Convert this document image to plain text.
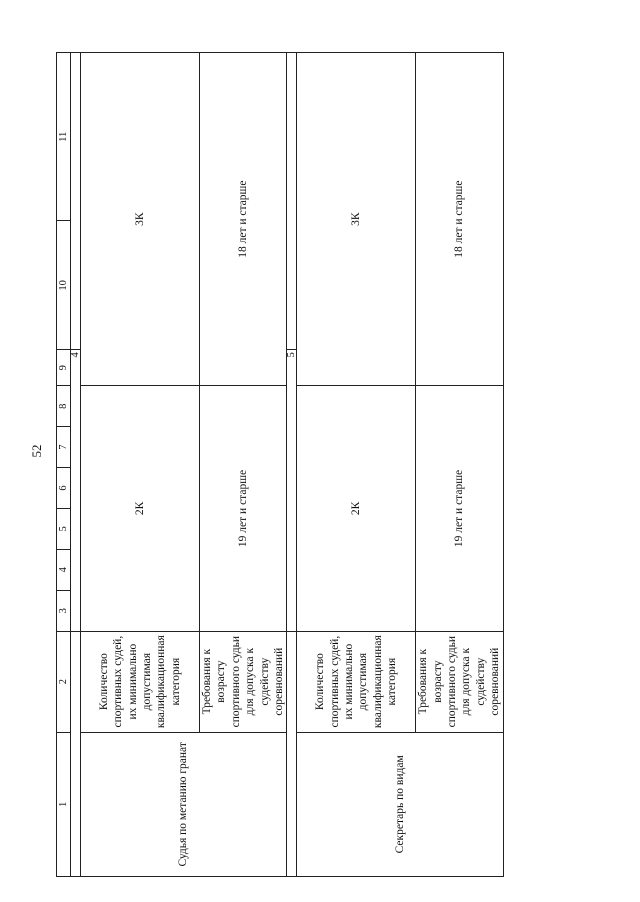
52
1	2	3	4	5	6	7	8	9	10	11
		4								
Судья по метанию гранат	Количество спортивных судей, их минимально допустимая квалификационная категория	2К						3К		
	Требования к возрасту спортивного судьи для допуска к судейству соревнований	19 лет и старше						18 лет и старше		
		5								
Секретарь по видам	Количество спортивных судей, их минимально допустимая квалификационная категория	2К						3К		
	Требования к возрасту спортивного судьи для допуска к судейству соревнований	19 лет и старше						18 лет и старше		
